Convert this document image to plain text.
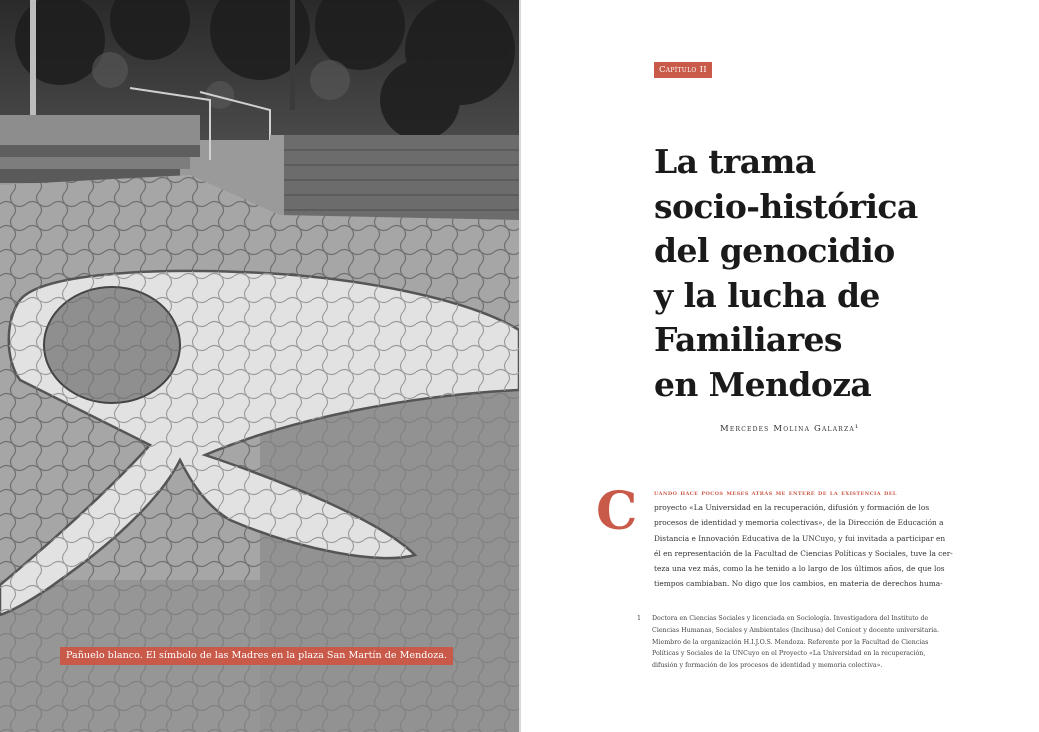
Pañuelo blanco. El símbolo de las Madres en la plaza San Martín de Mendoza.
Capítulo II
La trama
socio-histórica
del genocidio
y la lucha de
Familiares
en Mendoza
Mercedes Molina Galarza¹
C uando hace pocos meses atrás me enteré de la existencia del
proyecto «La Universidad en la recuperación, difusión y formación de los
procesos de identidad y memoria colectivas», de la Dirección de Educación a
Distancia e Innovación Educativa de la UNCuyo, y fui invitada a participar en
él en representación de la Facultad de Ciencias Políticas y Sociales, tuve la cer-
teza una vez más, como la he tenido a lo largo de los últimos años, de que los
tiempos cambiaban. No digo que los cambios, en materia de derechos huma-
1 Doctora en Ciencias Sociales y licenciada en Sociología. Investigadora del Instituto de
Ciencias Humanas, Sociales y Ambientales (Incihusa) del Conicet y docente universitaria.
Miembro de la organización H.I.J.O.S. Mendoza. Referente por la Facultad de Ciencias
Políticas y Sociales de la UNCuyo en el Proyecto «La Universidad en la recuperación,
difusión y formación de los procesos de identidad y memoria colectiva».
